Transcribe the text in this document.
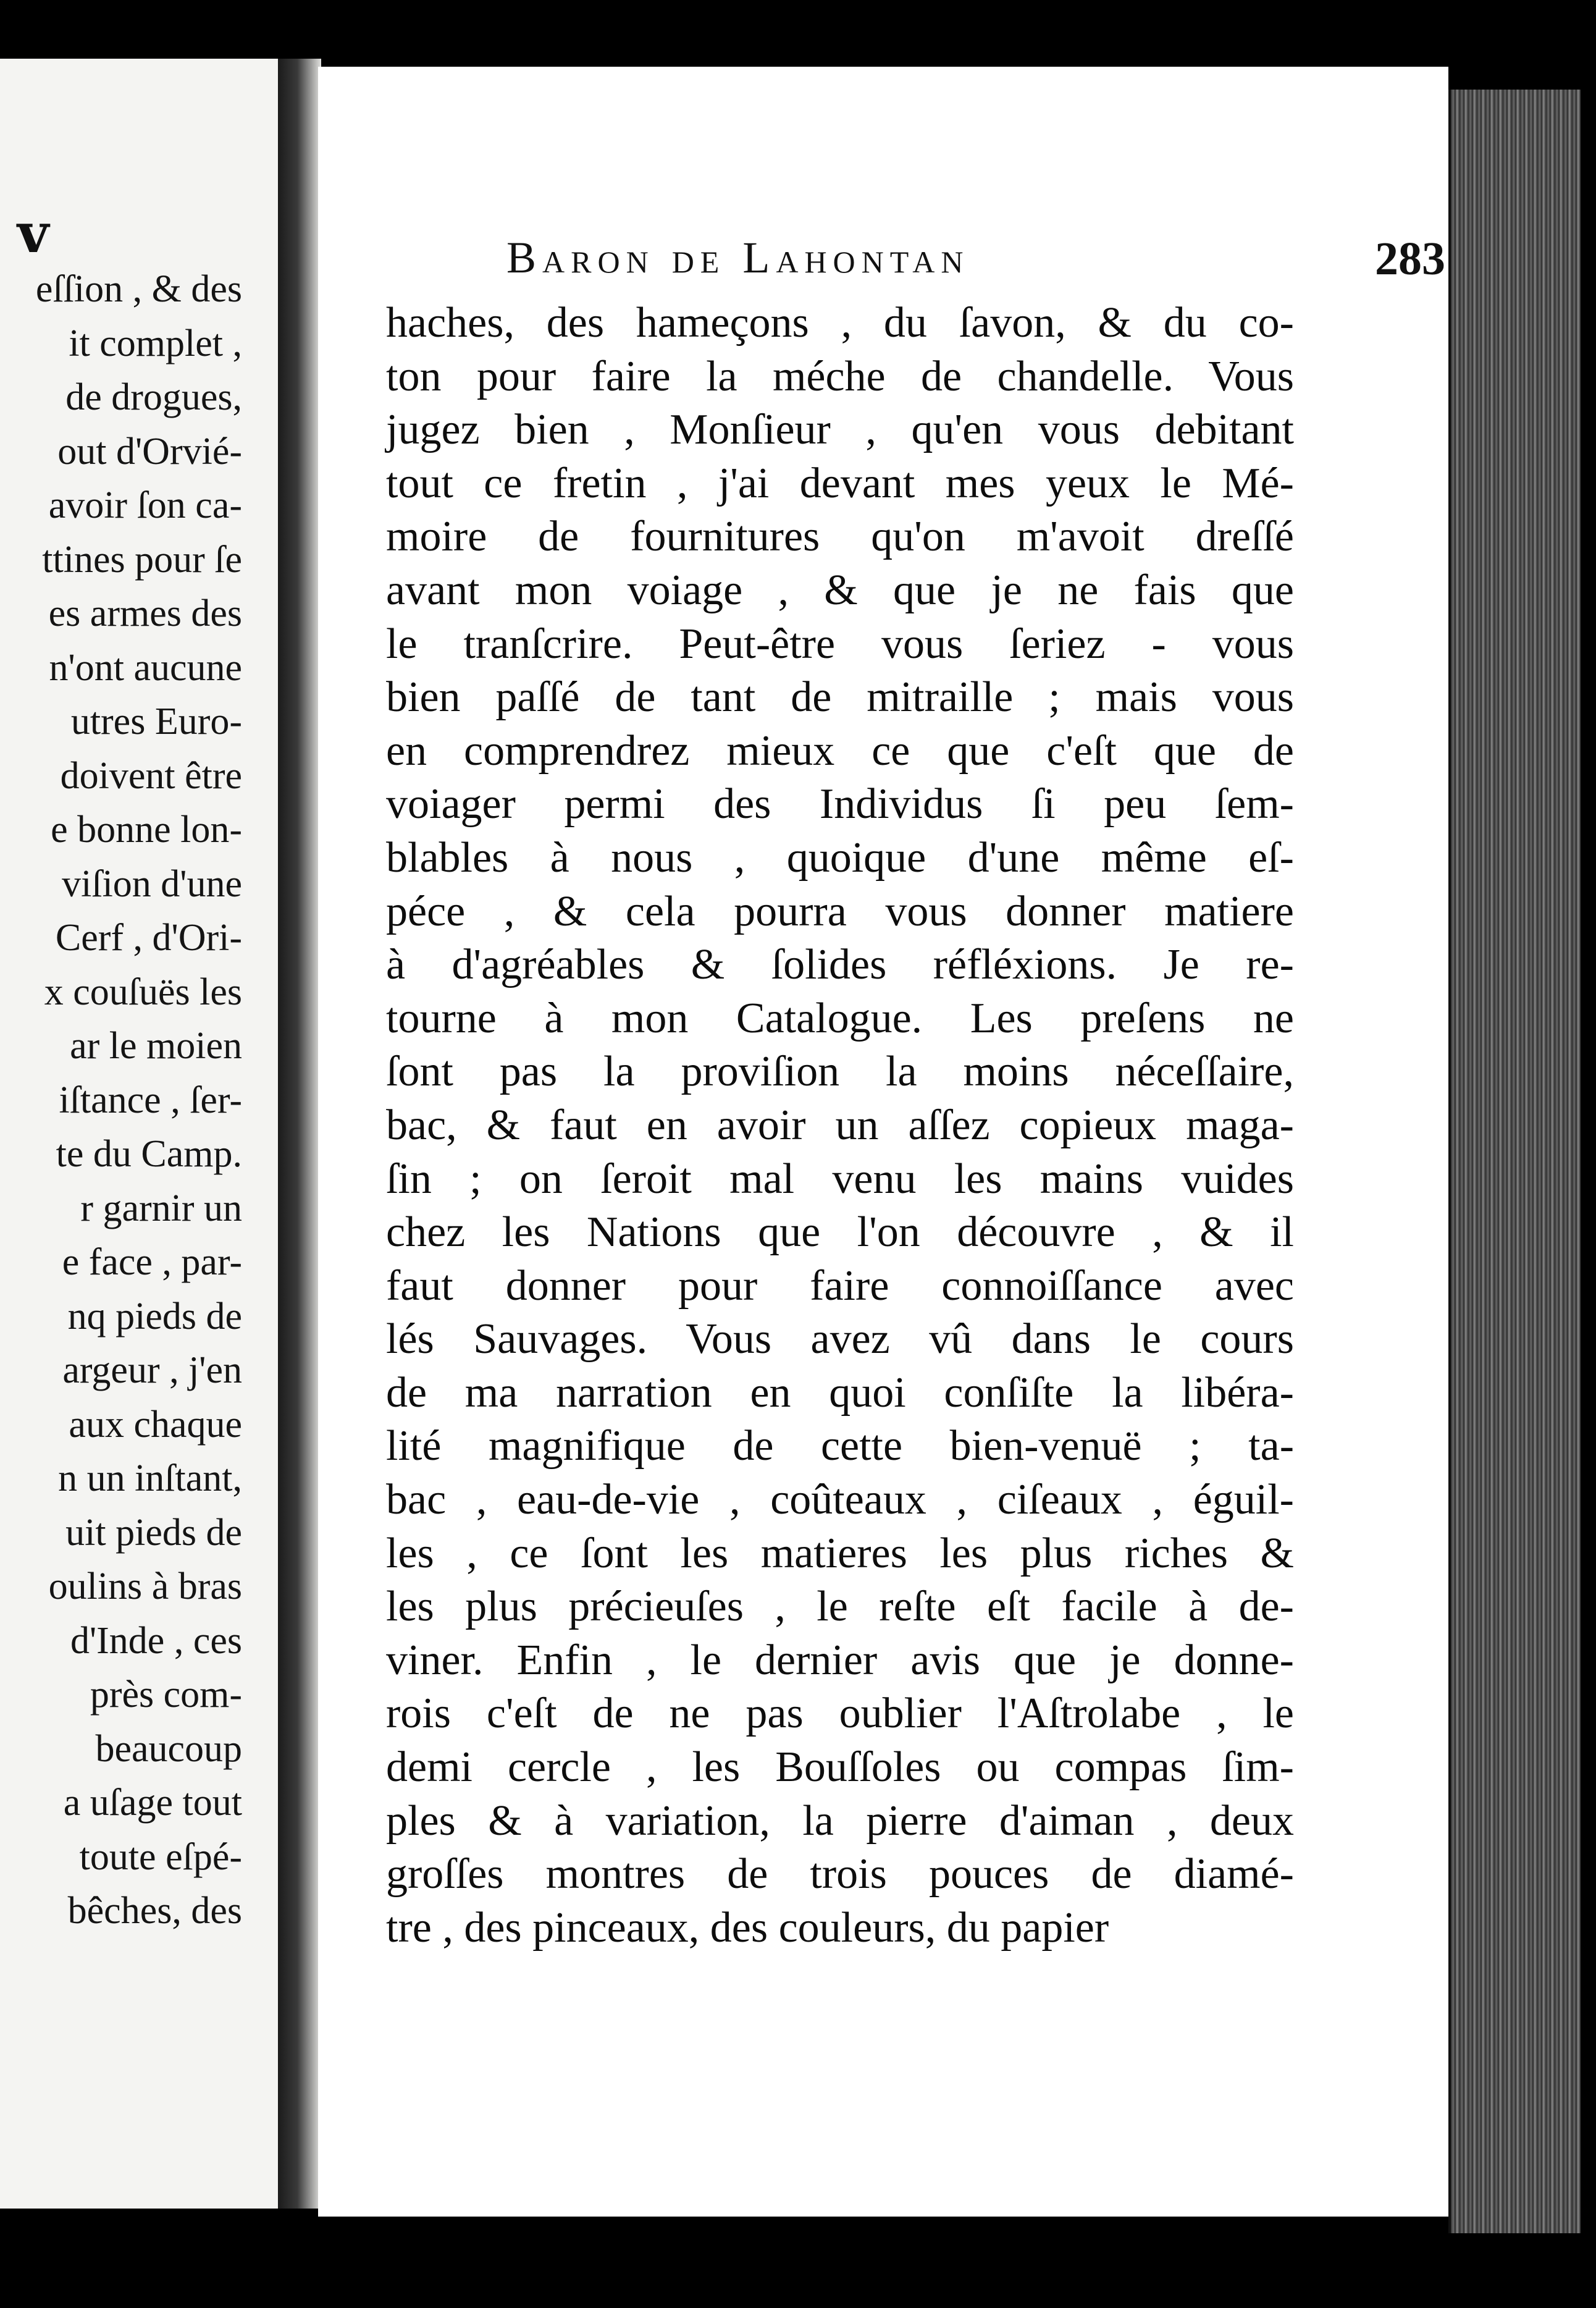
v
eſſion , & des
it complet ,
de drogues,
out d'Orvié-
avoir ſon ca-
ttines pour ſe
es armes des
n'ont aucune
utres Euro-
doivent être
e bonne lon-
viſion d'une
Cerf , d'Ori-
x couſuës les
ar le moien
iſtance , ſer-
te du Camp.
r garnir un
e face , par-
nq pieds de
argeur , j'en
aux chaque
n un inſtant,
uit pieds de
oulins à bras
d'Inde , ces
près com-
beaucoup
a uſage tout
toute eſpé-
bêches, des
Baron de Lahontan	283
haches, des hameçons , du ſavon, & du co-
ton pour faire la méche de chandelle. Vous
jugez bien , Monſieur , qu'en vous debitant
tout ce fretin , j'ai devant mes yeux le Mé-
moire de fournitures qu'on m'avoit dreſſé
avant mon voiage , & que je ne fais que
le tranſcrire. Peut-être vous ſeriez - vous
bien paſſé de tant de mitraille ; mais vous
en comprendrez mieux ce que c'eſt que de
voiager permi des Individus ſi peu ſem-
blables à nous , quoique d'une même eſ-
péce , & cela pourra vous donner matiere
à d'agréables & ſolides réfléxions. Je re-
tourne à mon Catalogue. Les preſens ne
ſont pas la proviſion la moins néceſſaire,
bac, & faut en avoir un aſſez copieux maga-
ſin ; on ſeroit mal venu les mains vuides
chez les Nations que l'on découvre , & il
faut donner pour faire connoiſſance avec
lés Sauvages. Vous avez vû dans le cours
de ma narration en quoi conſiſte la libéra-
lité magnifique de cette bien-venuë ; ta-
bac , eau-de-vie , coûteaux , ciſeaux , éguil-
les , ce ſont les matieres les plus riches &
les plus précieuſes , le reſte eſt facile à de-
viner. Enfin , le dernier avis que je donne-
rois c'eſt de ne pas oublier l'Aſtrolabe , le
demi cercle , les Bouſſoles ou compas ſim-
ples & à variation, la pierre d'aiman , deux
groſſes montres de trois pouces de diamé-
tre , des pinceaux, des couleurs, du papier
